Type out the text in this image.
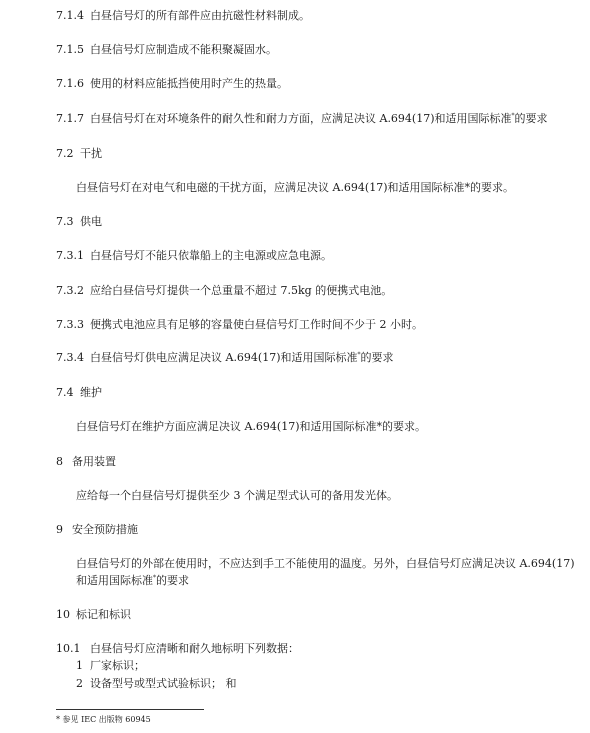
7.1.4 白昼信号灯的所有部件应由抗磁性材料制成。
7.1.5 白昼信号灯应制造成不能积聚凝固水。
7.1.6 使用的材料应能抵挡使用时产生的热量。
7.1.7 白昼信号灯在对环境条件的耐久性和耐力方面，应满足决议 A.694(17)和适用国际标准*的要求
7.2 干扰
白昼信号灯在对电气和电磁的干扰方面，应满足决议 A.694(17)和适用国际标准*的要求。
7.3 供电
7.3.1 白昼信号灯不能只依靠船上的主电源或应急电源。
7.3.2 应给白昼信号灯提供一个总重量不超过 7.5kg 的便携式电池。
7.3.3 便携式电池应具有足够的容量使白昼信号灯工作时间不少于 2 小时。
7.3.4 白昼信号灯供电应满足决议 A.694(17)和适用国际标准*的要求
7.4 维护
白昼信号灯在维护方面应满足决议 A.694(17)和适用国际标准*的要求。
8 备用装置
应给每一个白昼信号灯提供至少 3 个满足型式认可的备用发光体。
9 安全预防措施
白昼信号灯的外部在使用时，不应达到手工不能使用的温度。另外，白昼信号灯应满足决议 A.694(17)
和适用国际标准*的要求
10 标记和标识
10.1 白昼信号灯应清晰和耐久地标明下列数据：
1 厂家标识；
2 设备型号或型式试验标识； 和
* 参见 IEC 出版物 60945
